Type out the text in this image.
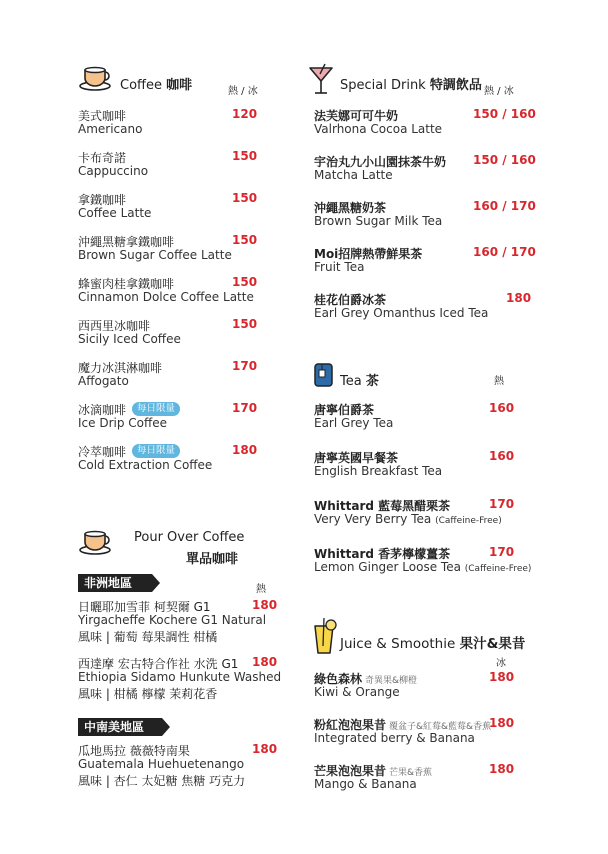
Coffee 咖啡	熱 / 冰
美式咖啡
Americano
120
卡布奇諾
Cappuccino
150
拿鐵咖啡
Coffee Latte
150
沖繩黑糖拿鐵咖啡
Brown Sugar Coffee Latte
150
蜂蜜肉桂拿鐵咖啡
Cinnamon Dolce Coffee Latte
150
西西里冰咖啡
Sicily Iced Coffee
150
魔力冰淇淋咖啡
Affogato
170
冰滴咖啡	每日限量
Ice Drip Coffee
170
冷萃咖啡	每日限量
Cold Extraction Coffee
180
Pour Over Coffee
單品咖啡
熱
非洲地區
日曬耶加雪菲 柯契爾 G1
Yirgacheffe Kochere G1 Natural
風味 | 葡萄 莓果調性 柑橘
180
西達摩 宏古特合作社 水洗 G1
Ethiopia Sidamo Hunkute Washed
風味 | 柑橘 檸檬 茉莉花香
180
中南美地區
瓜地馬拉 薇薇特南果
Guatemala Huehuetenango
風味 | 杏仁 太妃糖 焦糖 巧克力
180
Special Drink 特調飲品 熱 / 冰
法芙娜可可牛奶
Valrhona Cocoa Latte
150 / 160
宇治丸九小山園抹茶牛奶
Matcha Latte
150 / 160
沖繩黑糖奶茶
Brown Sugar Milk Tea
160 / 170
Moi招牌熱帶鮮果茶
Fruit Tea
160 / 170
桂花伯爵冰茶
Earl Grey Omanthus Iced Tea
180
Tea 茶	熱
唐寧伯爵茶
Earl Grey Tea
160
唐寧英國早餐茶
English Breakfast Tea
160
Whittard 藍莓黑醋栗茶
Very Very Berry Tea (Caffeine-Free)
170
Whittard 香茅檸檬薑茶
Lemon Ginger Loose Tea (Caffeine-Free)
170
Juice & Smoothie 果汁&果昔
冰
綠色森林 奇異果&柳橙
Kiwi & Orange
180
粉紅泡泡果昔 覆盆子&紅莓&藍莓&香蕉
Integrated berry & Banana
180
芒果泡泡果昔 芒果&香蕉
Mango & Banana
180
